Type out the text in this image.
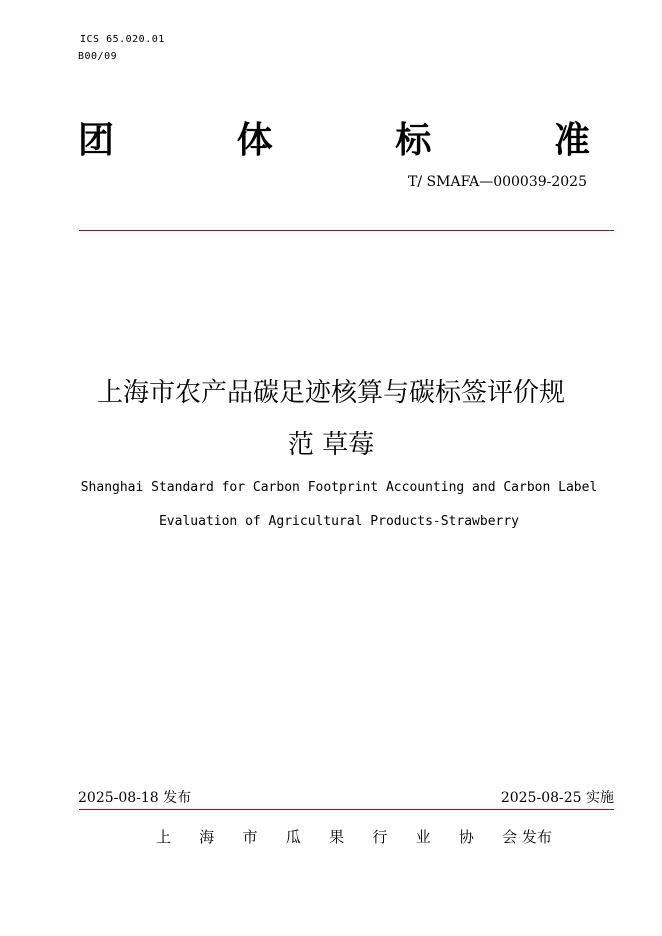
ICS 65.020.01
B00/09
团	体	标	准
T/ SMAFA—000039-2025
上海市农产品碳足迹核算与碳标签评价规
范 草莓
Shanghai Standard for Carbon Footprint Accounting and Carbon Label
Evaluation of Agricultural Products-Strawberry
2025-08-18 发布	2025-08-25 实施
上 海 市 瓜 果 行 业 协 会 发布
